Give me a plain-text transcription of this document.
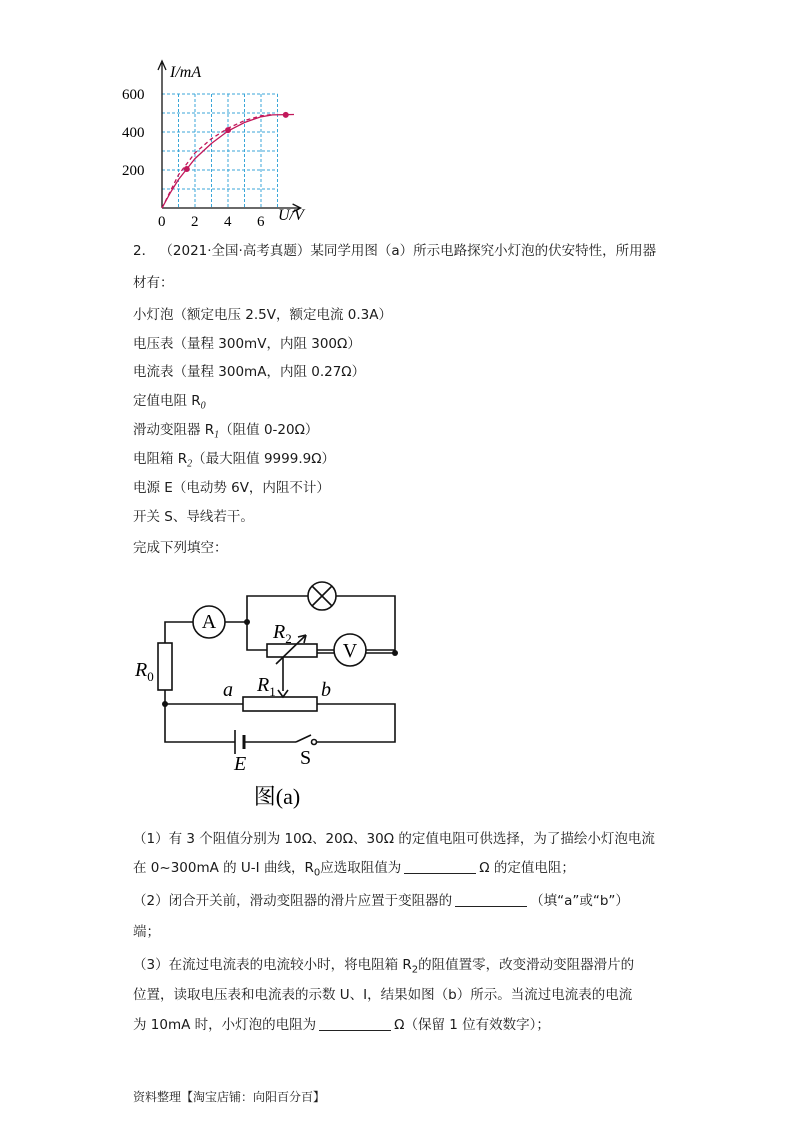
600
400
200
0 2 4 6
I/mA
U/V
2． （2021·全国·高考真题）某同学用图（a）所示电路探究小灯泡的伏安特性，所用器
材有：
小灯泡（额定电压 2.5V，额定电流 0.3A）
电压表（量程 300mV，内阻 300Ω）
电流表（量程 300mA，内阻 0.27Ω）
定值电阻 $R_0$
滑动变阻器 $R_1$（阻值 0-20Ω）
电阻箱 $R_2$（最大阻值 9999.9Ω）
电源 E（电动势 6V，内阻不计）
开关 S、导线若干。
完成下列填空：
A	$R_2$
V
$R_1$
a	b
$R_0$
E	S
图(a)
（1）有 3 个阻值分别为 10Ω、20Ω、30Ω 的定值电阻可供选择，为了描绘小灯泡电流
在 0~300mA 的 U-I 曲线，$R_0$应选取阻值为	Ω 的定值电阻；
（2）闭合开关前，滑动变阻器的滑片应置于变阻器的	（填“a”或“b”）
端；
（3）在流过电流表的电流较小时，将电阻箱 $R_2$的阻值置零，改变滑动变阻器滑片的
位置，读取电压表和电流表的示数 U、I，结果如图（b）所示。当流过电流表的电流
为 10mA 时，小灯泡的电阻为	Ω（保留 1 位有效数字）；
资料整理【淘宝店铺：向阳百分百】
